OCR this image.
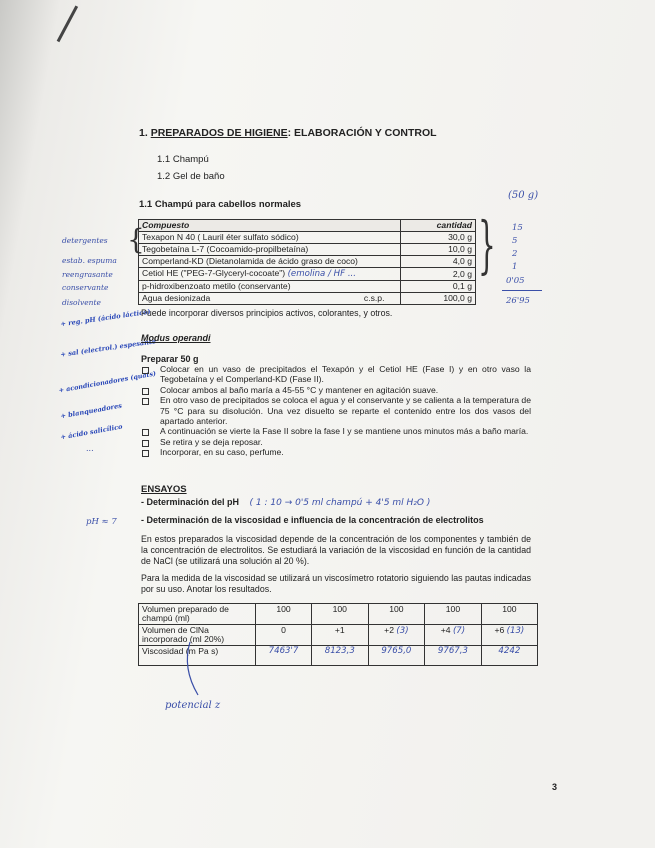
1. PREPARADOS DE HIGIENE: ELABORACIÓN Y CONTROL
1.1 Champú
1.2 Gel de baño
1.1 Champú para cabellos normales
Compuesto		cantidad
Texapon N 40 ( Lauril éter sulfato sódico)		30,0 g
Tegobetaína L-7 (Cocoamido-propilbetaína)		10,0 g
Comperland-KD (Dietanolamida de ácido graso de coco)		4,0 g
Cetiol HE ("PEG-7-Glyceryl-cocoate") (emolina / HF ...		2,0 g
p-hidroxibenzoato metilo (conservante)		0,1 g
Agua desionizada	c.s.p.	100,0 g
}
(50 g)
15
5
2
1
0'05
26'95
{
detergentes
estab. espuma
reengrasante
conservante
disolvente
+ reg. pH (ácido láctico)
+ sal (electrol.) espesante
+ acondicionadores (quats)
+ blanqueadores
+ ácido salicílico
...
Puede incorporar diversos principios activos, colorantes, y otros.
Modus operandi
Preparar 50 g
Colocar en un vaso de precipitados el Texapón y el Cetiol HE (Fase I) y en otro vaso la Tegobetaína y el Comperland-KD (Fase II).
Colocar ambos al baño maría a 45-55 °C y mantener en agitación suave.
En otro vaso de precipitados se coloca el agua y el conservante y se calienta a la temperatura de 75 °C para su disolución. Una vez disuelto se reparte el contenido entre los dos vasos del apartado anterior.
A continuación se vierte la Fase II sobre la fase I y se mantiene unos minutos más a baño maría.
Se retira y se deja reposar.
Incorporar, en su caso, perfume.
ENSAYOS
- Determinación del pH ( 1 : 10 → 0'5 ml champú + 4'5 ml H₂O )
- Determinación de la viscosidad e influencia de la concentración de electrolitos
pH ≈ 7
En estos preparados la viscosidad depende de la concentración de los componentes y también de la concentración de electrolitos. Se estudiará la variación de la viscosidad en función de la cantidad de NaCl (se utilizará una solución al 20 %).
Para la medida de la viscosidad se utilizará un viscosímetro rotatorio siguiendo las pautas indicadas por su uso. Anotar los resultados.
Volumen preparado de champú (ml)	100	100	100	100	100
Volumen de ClNa incorporado (ml 20%)	0	+1	+2 (3)	+4 (7)	+6 (13)
Viscosidad (m Pa s)	7463'7	8123,3	9765,0	9767,3	4242
potencial z
3
